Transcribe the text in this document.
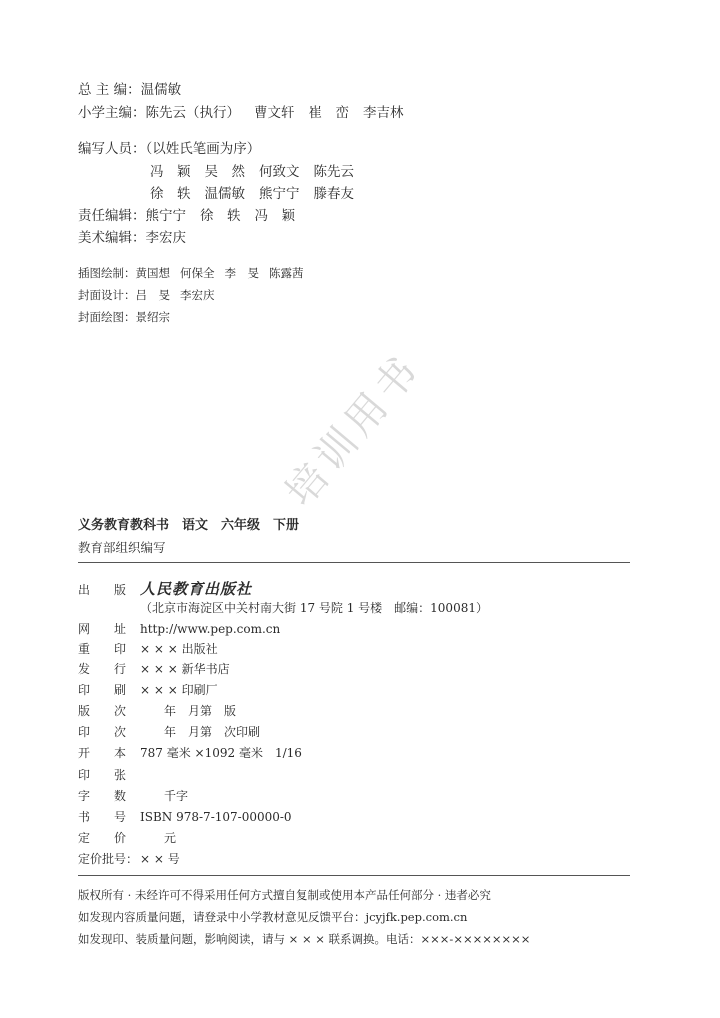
总 主 编：温儒敏
小学主编：陈先云（执行） 曹文轩 崔　峦 李吉林
编写人员：（以姓氏笔画为序）
冯　颖 吴　然 何致文 陈先云
徐　轶 温儒敏 熊宁宁 滕春友
责任编辑：熊宁宁 徐　轶 冯　颖
美术编辑：李宏庆
插图绘制：黄国想 何保全 李　旻 陈露茜
封面设计：吕　旻 李宏庆
封面绘图：景绍宗
培训用书
义务教育教科书　语文　六年级　下册
教育部组织编写
出　　版 人民教育出版社
（北京市海淀区中关村南大街 17 号院 1 号楼　邮编：100081）
网　　址 http://www.pep.com.cn
重　　印 × × × 出版社
发　　行 × × × 新华书店
印　　刷 × × × 印刷厂
版　　次　　年　月第　版
印　　次　　年　月第　次印刷
开　　本 787 毫米 ×1092 毫米　1/16
印　　张
字　　数　　千字
书　　号 ISBN 978-7-107-00000-0
定　　价　　元
定价批号： × × 号
版权所有 · 未经许可不得采用任何方式擅自复制或使用本产品任何部分 · 违者必究
如发现内容质量问题，请登录中小学教材意见反馈平台：jcyjfk.pep.com.cn
如发现印、装质量问题，影响阅读，请与 × × × 联系调换。电话：×××-××××××××
